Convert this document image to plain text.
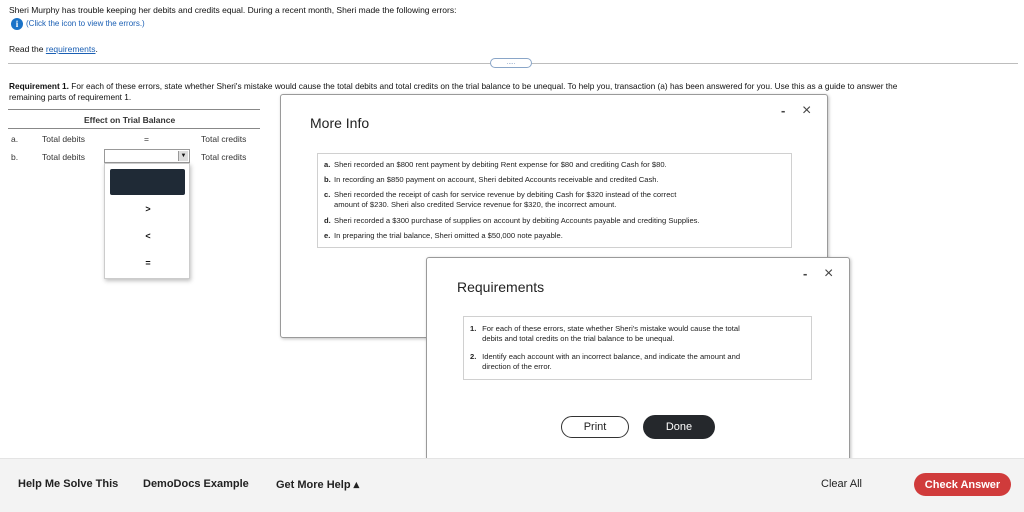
Sheri Murphy has trouble keeping her debits and credits equal. During a recent month, Sheri made the following errors:
i (Click the icon to view the errors.)
Read the requirements.
.....
Requirement 1. For each of these errors, state whether Sheri's mistake would cause the total debits and total credits on the trial balance to be unequal. To help you, transaction (a) has been answered for you. Use this as a guide to answer the
remaining parts of requirement 1.
Effect on Trial Balance
a.	Total debits	=	Total credits
b.	Total debits	▼ Total credits
>
<
=
More Info
- ×
a. Sheri recorded an $800 rent payment by debiting Rent expense for $80 and crediting Cash for $80.
b. In recording an $850 payment on account, Sheri debited Accounts receivable and credited Cash.
c. Sheri recorded the receipt of cash for service revenue by debiting Cash for $320 instead of the correct
amount of $230. Sheri also credited Service revenue for $320, the incorrect amount.
d. Sheri recorded a $300 purchase of supplies on account by debiting Accounts payable and crediting Supplies.
e. In preparing the trial balance, Sheri omitted a $50,000 note payable.
Requirements
- ×
1. For each of these errors, state whether Sheri's mistake would cause the total
debits and total credits on the trial balance to be unequal.
2. Identify each account with an incorrect balance, and indicate the amount and
direction of the error.
Print	Done
Help Me Solve This DemoDocs Example Get More Help ▴	Clear All	Check Answer
